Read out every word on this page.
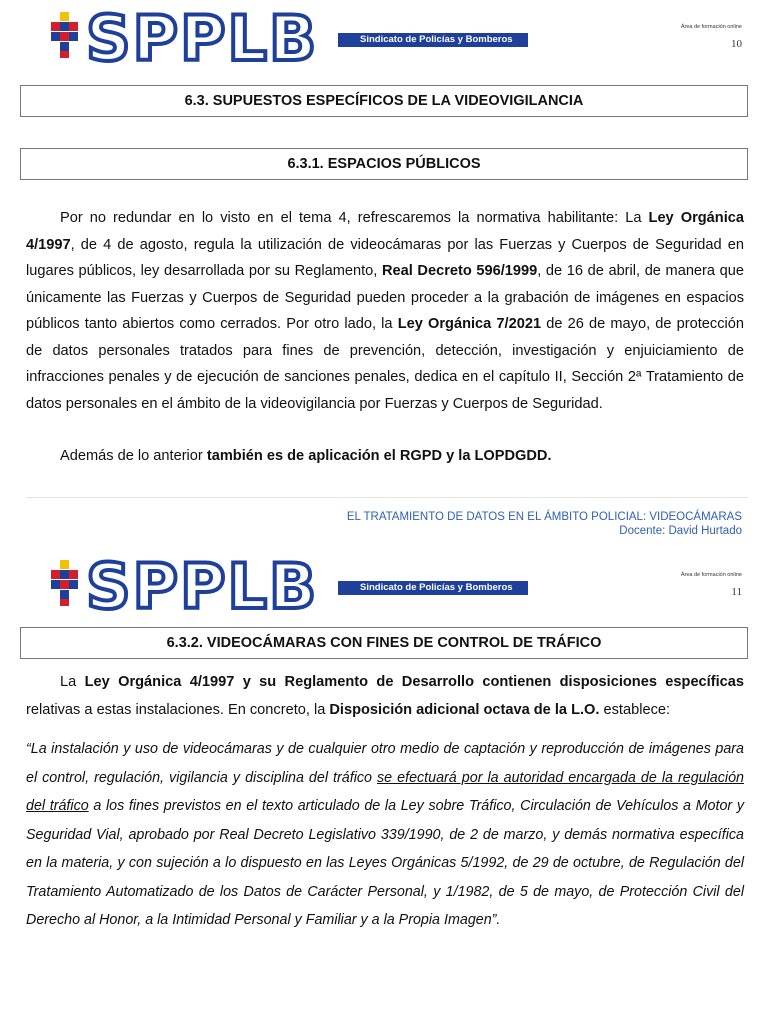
SPPLB	Sindicato de Policías y Bomberos
Área de formación online
10
6.3. SUPUESTOS ESPECÍFICOS DE LA VIDEOVIGILANCIA
6.3.1. ESPACIOS PÚBLICOS

Por no redundar en lo visto en el tema 4, refrescaremos la normativa habilitante: La Ley Orgánica 4/1997, de 4 de agosto, regula la utilización de videocámaras por las Fuerzas y Cuerpos de Seguridad en lugares públicos, ley desarrollada por su Reglamento, Real Decreto 596/1999, de 16 de abril, de manera que únicamente las Fuerzas y Cuerpos de Seguridad pueden proceder a la grabación de imágenes en espacios públicos tanto abiertos como cerrados. Por otro lado, la Ley Orgánica 7/2021 de 26 de mayo, de protección de datos personales tratados para fines de prevención, detección, investigación y enjuiciamiento de infracciones penales y de ejecución de sanciones penales, dedica en el capítulo II, Sección 2ª Tratamiento de datos personales en el ámbito de la videovigilancia por Fuerzas y Cuerpos de Seguridad.

Además de lo anterior también es de aplicación el RGPD y la LOPDGDD.

EL TRATAMIENTO DE DATOS EN EL ÁMBITO POLICIAL: VIDEOCÁMARAS
Docente: David Hurtado
SPPLB	Sindicato de Policías y Bomberos
Área de formación online
11
6.3.2. VIDEOCÁMARAS CON FINES DE CONTROL DE TRÁFICO

La Ley Orgánica 4/1997 y su Reglamento de Desarrollo contienen disposiciones específicas relativas a estas instalaciones. En concreto, la Disposición adicional octava de la L.O. establece:

“La instalación y uso de videocámaras y de cualquier otro medio de captación y reproducción de imágenes para el control, regulación, vigilancia y disciplina del tráfico se efectuará por la autoridad encargada de la regulación del tráfico a los fines previstos en el texto articulado de la Ley sobre Tráfico, Circulación de Vehículos a Motor y Seguridad Vial, aprobado por Real Decreto Legislativo 339/1990, de 2 de marzo, y demás normativa específica en la materia, y con sujeción a lo dispuesto en las Leyes Orgánicas 5/1992, de 29 de octubre, de Regulación del Tratamiento Automatizado de los Datos de Carácter Personal, y 1/1982, de 5 de mayo, de Protección Civil del Derecho al Honor, a la Intimidad Personal y Familiar y a la Propia Imagen”.
